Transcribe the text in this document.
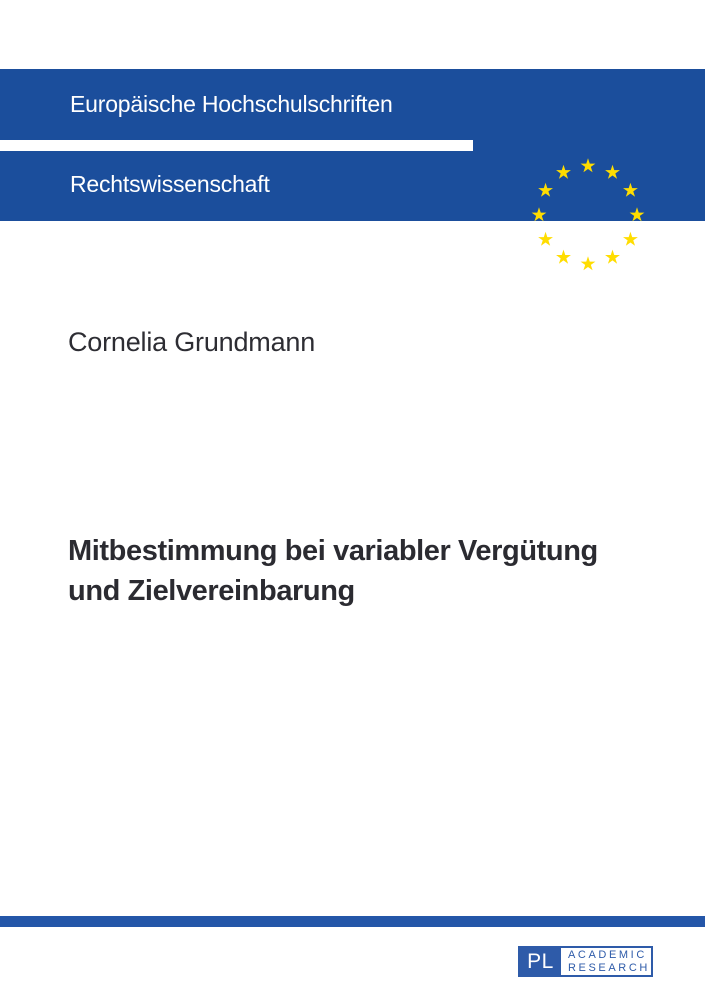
Europäische Hochschulschriften
Rechtswissenschaft
Cornelia Grundmann
Mitbestimmung bei variabler Vergütung
und Zielvereinbarung
PL ACADEMIC
RESEARCH
